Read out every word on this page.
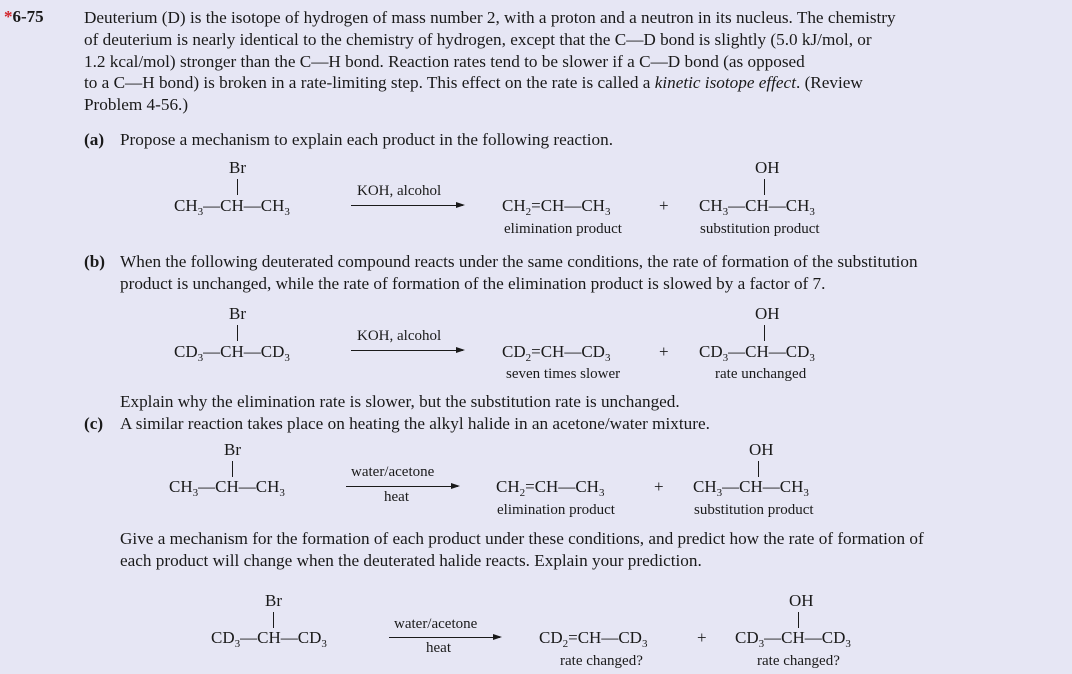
*6-75 Deuterium (D) is the isotope of hydrogen of mass number 2, with a proton and a neutron in its nucleus. The chemistry
of deuterium is nearly identical to the chemistry of hydrogen, except that the C—D bond is slightly (5.0 kJ/mol, or
1.2 kcal/mol) stronger than the C—H bond. Reaction rates tend to be slower if a C—D bond (as opposed
to a C—H bond) is broken in a rate-limiting step. This effect on the rate is called a kinetic isotope effect. (Review
Problem 4-56.)
(a) Propose a mechanism to explain each product in the following reaction.
Br
$CH_3—CH—CH_3$
KOH, alcohol
$CH_2=CH—CH_3$	+
OH
$CH_3—CH—CH_3$
elimination product	substitution product
(b) When the following deuterated compound reacts under the same conditions, the rate of formation of the substitution
product is unchanged, while the rate of formation of the elimination product is slowed by a factor of 7.
Br
$CD_3—CH—CD_3$
KOH, alcohol
$CD_2=CH—CD_3$	+
OH
$CD_3—CH—CD_3$
seven times slower	rate unchanged
Explain why the elimination rate is slower, but the substitution rate is unchanged.
(c) A similar reaction takes place on heating the alkyl halide in an acetone/water mixture.
Br
$CH_3—CH—CH_3$
water/acetone
heat
$CH_2=CH—CH_3$	+
OH
$CH_3—CH—CH_3$
elimination product	substitution product
Give a mechanism for the formation of each product under these conditions, and predict how the rate of formation of
each product will change when the deuterated halide reacts. Explain your prediction.
Br
$CD_3—CH—CD_3$
water/acetone
heat
$CD_2=CH—CD_3$	+
OH
$CD_3—CH—CD_3$
rate changed?	rate changed?
